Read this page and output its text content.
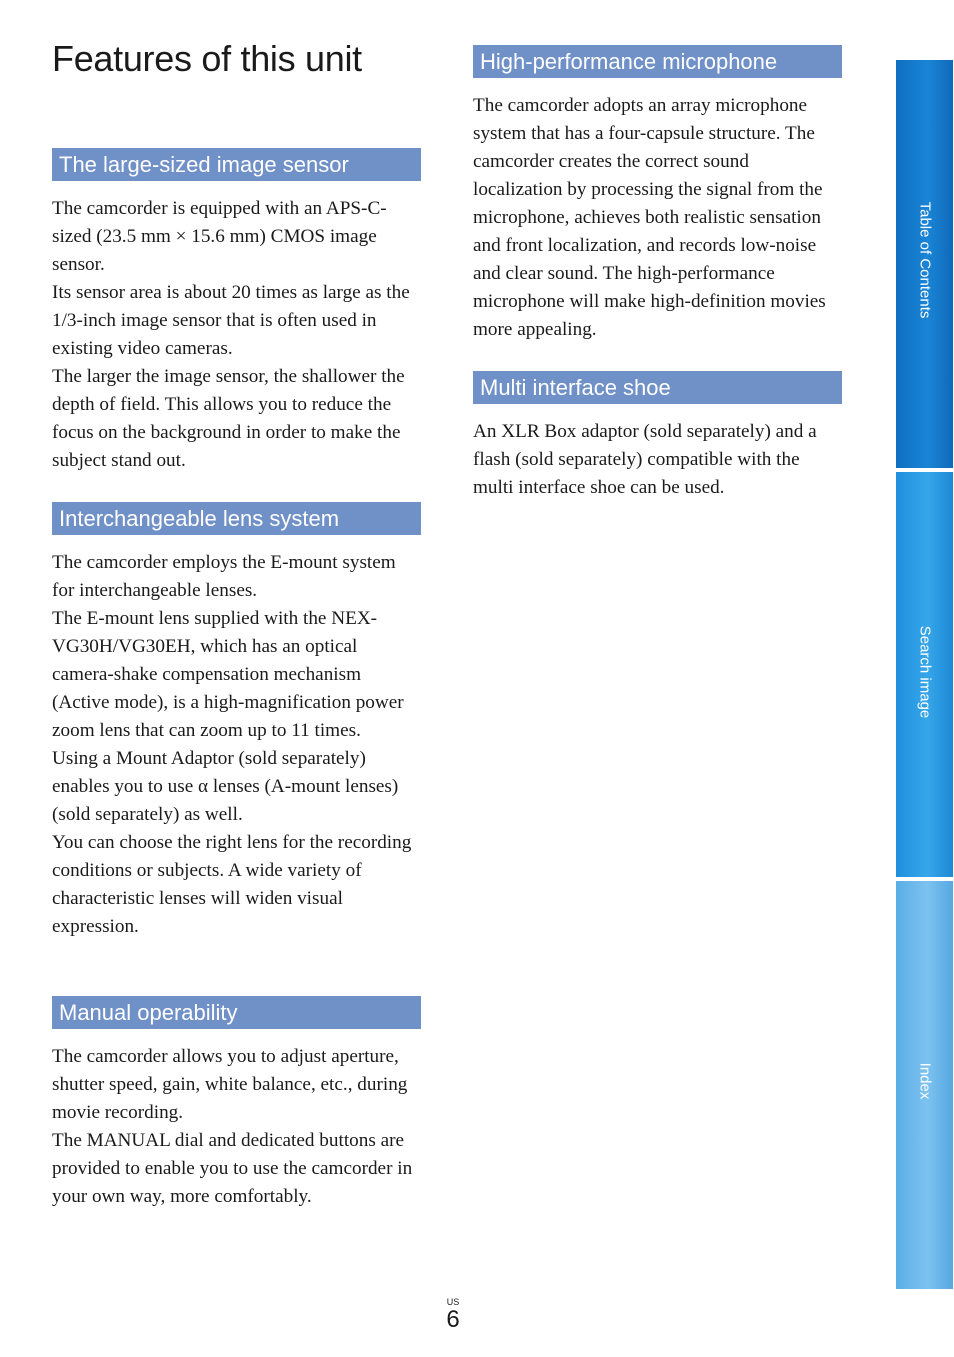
Features of this unit
The large-sized image sensor

The camcorder is equipped with an APS-C-sized (23.5 mm × 15.6 mm) CMOS image sensor.

Its sensor area is about 20 times as large as the 1/3-inch image sensor that is often used in existing video cameras.

The larger the image sensor, the shallower the depth of field. This allows you to reduce the focus on the background in order to make the subject stand out.

Interchangeable lens system

The camcorder employs the E-mount system for interchangeable lenses.

The E-mount lens supplied with the NEX-VG30H/VG30EH, which has an optical camera-shake compensation mechanism (Active mode), is a high-magnification power zoom lens that can zoom up to 11 times.

Using a Mount Adaptor (sold separately) enables you to use α lenses (A-mount lenses) (sold separately) as well.

You can choose the right lens for the recording conditions or subjects. A wide variety of characteristic lenses will widen visual expression.

Manual operability

The camcorder allows you to adjust aperture, shutter speed, gain, white balance, etc., during movie recording.

The MANUAL dial and dedicated buttons are provided to enable you to use the camcorder in your own way, more comfortably.

High-performance microphone

The camcorder adopts an array microphone system that has a four-capsule structure. The camcorder creates the correct sound localization by processing the signal from the microphone, achieves both realistic sensation and front localization, and records low-noise and clear sound. The high-performance microphone will make high-definition movies more appealing.

Multi interface shoe

An XLR Box adaptor (sold separately) and a flash (sold separately) compatible with the multi interface shoe can be used.

Table of Contents
Search image
Index
US
6
